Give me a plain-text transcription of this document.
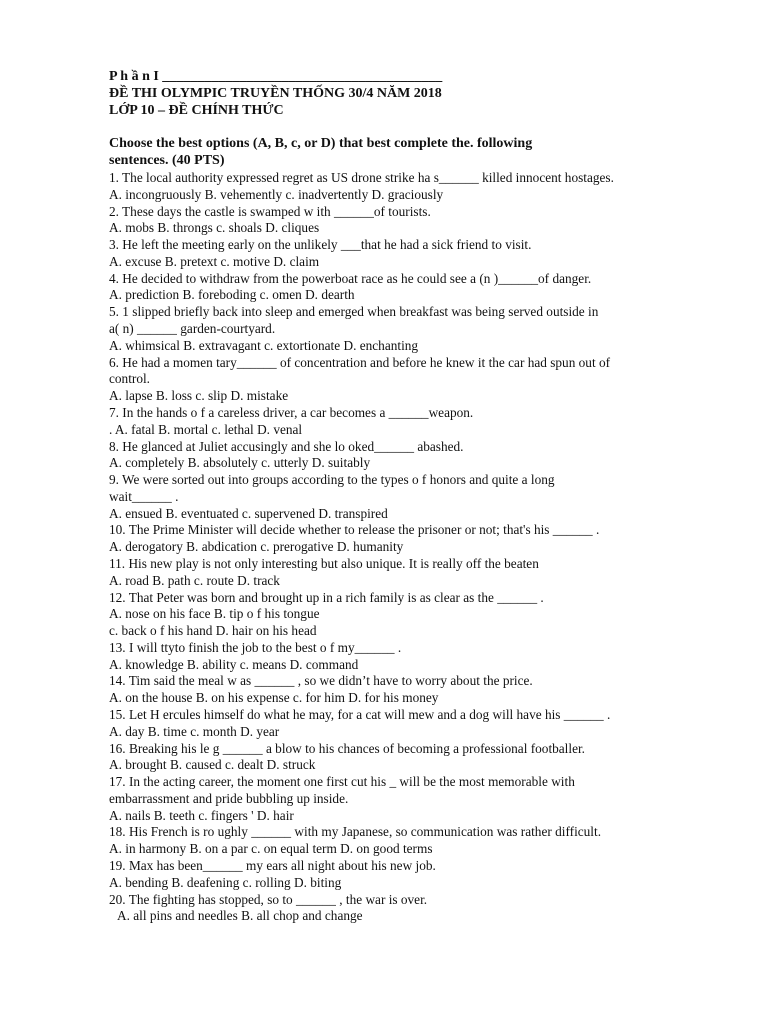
P h ầ n I ________________________________________
ĐỀ THI OLYMPIC TRUYỀN THỐNG 30/4 NĂM 2018
LỚP 10 – ĐỀ CHÍNH THỨC
Choose the best options (A, B, c, or D) that best complete the. following
sentences. (40 PTS)
1. The local authority expressed regret as US drone strike ha s______ killed innocent hostages.
A. incongruously B. vehemently c. inadvertently D. graciously
2. These days the castle is swamped w ith ______of tourists.
A. mobs B. throngs c. shoals D. cliques
3. He left the meeting early on the unlikely ___that he had a sick friend to visit.
A. excuse B. pretext c. motive D. claim
4. He decided to withdraw from the powerboat race as he could see a (n )______of danger.
A. prediction B. foreboding c. omen D. dearth
5. 1 slipped briefly back into sleep and emerged when breakfast was being served outside in
a( n) ______ garden-courtyard.
A. whimsical B. extravagant c. extortionate D. enchanting
6. He had a momen tary______ of concentration and before he knew it the car had spun out of
control.
A. lapse B. loss c. slip D. mistake
7. In the hands o f a careless driver, a car becomes a ______weapon.
. A. fatal B. mortal c. lethal D. venal
8. He glanced at Juliet accusingly and she lo oked______ abashed.
A. completely B. absolutely c. utterly D. suitably
9. We were sorted out into groups according to the types o f honors and quite a long
wait______ .
A. ensued B. eventuated c. supervened D. transpired
10. The Prime Minister will decide whether to release the prisoner or not; that's his ______ .
A. derogatory B. abdication c. prerogative D. humanity
11. His new play is not only interesting but also unique. It is really off the beaten
A. road B. path c. route D. track
12. That Peter was born and brought up in a rich family is as clear as the ______ .
A. nose on his face B. tip o f his tongue
c. back o f his hand D. hair on his head
13. I will ttyto finish the job to the best o f my______ .
A. knowledge B. ability c. means D. command
14. Tim said the meal w as ______ , so we didn’t have to worry about the price.
A. on the house B. on his expense c. for him D. for his money
15. Let H ercules himself do what he may, for a cat will mew and a dog will have his ______ .
A. day B. time c. month D. year
16. Breaking his le g ______ a blow to his chances of becoming a professional footballer.
A. brought B. caused c. dealt D. struck
17. In the acting career, the moment one first cut his _ will be the most memorable with
embarrassment and pride bubbling up inside.
A. nails B. teeth c. fingers ' D. hair
18. His French is ro ughly ______ with my Japanese, so communication was rather difficult.
A. in harmony B. on a par c. on equal term D. on good terms
19. Max has been______ my ears all night about his new job.
A. bending B. deafening c. rolling D. biting
20. The fighting has stopped, so to ______ , the war is over.
A. all pins and needles B. all chop and change
